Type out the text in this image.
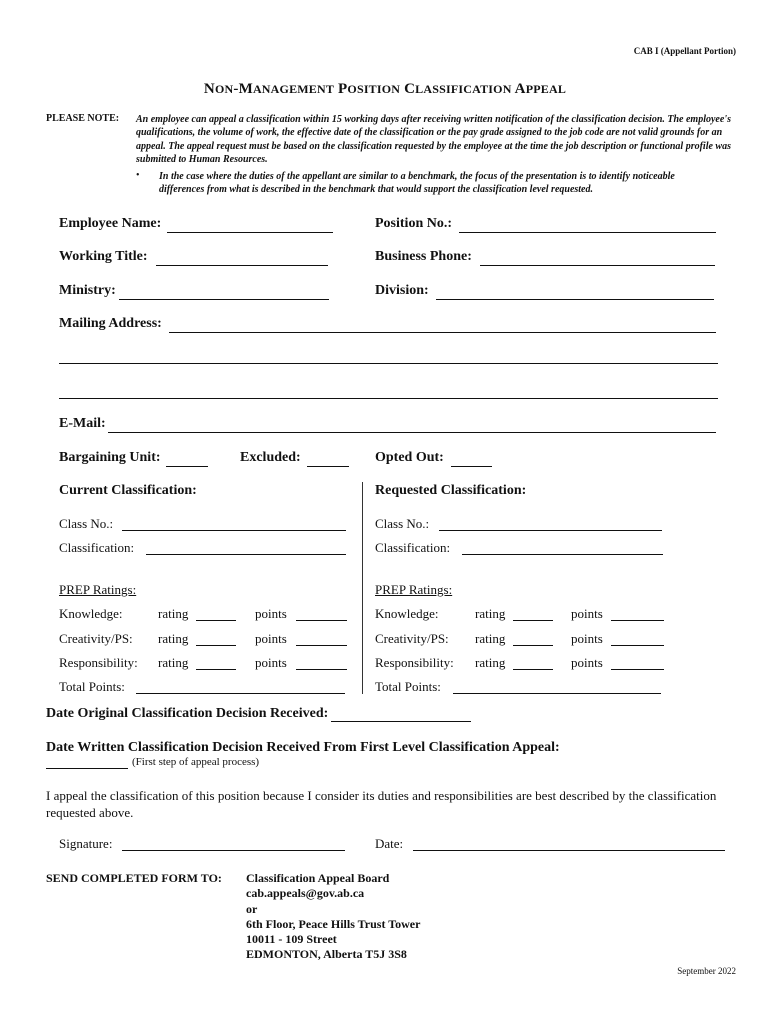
CAB I (Appellant Portion)
NON-MANAGEMENT POSITION CLASSIFICATION APPEAL
PLEASE NOTE: An employee can appeal a classification within 15 working days after receiving written notification of the classification decision. The employee's qualifications, the volume of work, the effective date of the classification or the pay grade assigned to the job code are not valid grounds for an appeal. The appeal request must be based on the classification requested by the employee at the time the job description or functional profile was submitted to Human Resources.
• In the case where the duties of the appellant are similar to a benchmark, the focus of the presentation is to identify noticeable differences from what is described in the benchmark that would support the classification level requested.
Employee Name:	Position No.:
Working Title:	Business Phone:
Ministry:	Division:
Mailing Address:
E-Mail:
Bargaining Unit:	Excluded:	Opted Out:
Current Classification:
Class No.:
Classification:
PREP Ratings:
Knowledge:	rating	points
Creativity/PS: rating	points
Responsibility: rating	points
Total Points:
Requested Classification:
Class No.:
Classification:
PREP Ratings:
Knowledge:	rating	points
Creativity/PS: rating	points
Responsibility: rating	points
Total Points:
Date Original Classification Decision Received:
Date Written Classification Decision Received From First Level Classification Appeal:
(First step of appeal process)
I appeal the classification of this position because I consider its duties and responsibilities are best described by the classification requested above.
Signature:	Date:
SEND COMPLETED FORM TO: Classification Appeal Board
cab.appeals@gov.ab.ca
or
6th Floor, Peace Hills Trust Tower
10011 - 109 Street
EDMONTON, Alberta T5J 3S8
September 2022
